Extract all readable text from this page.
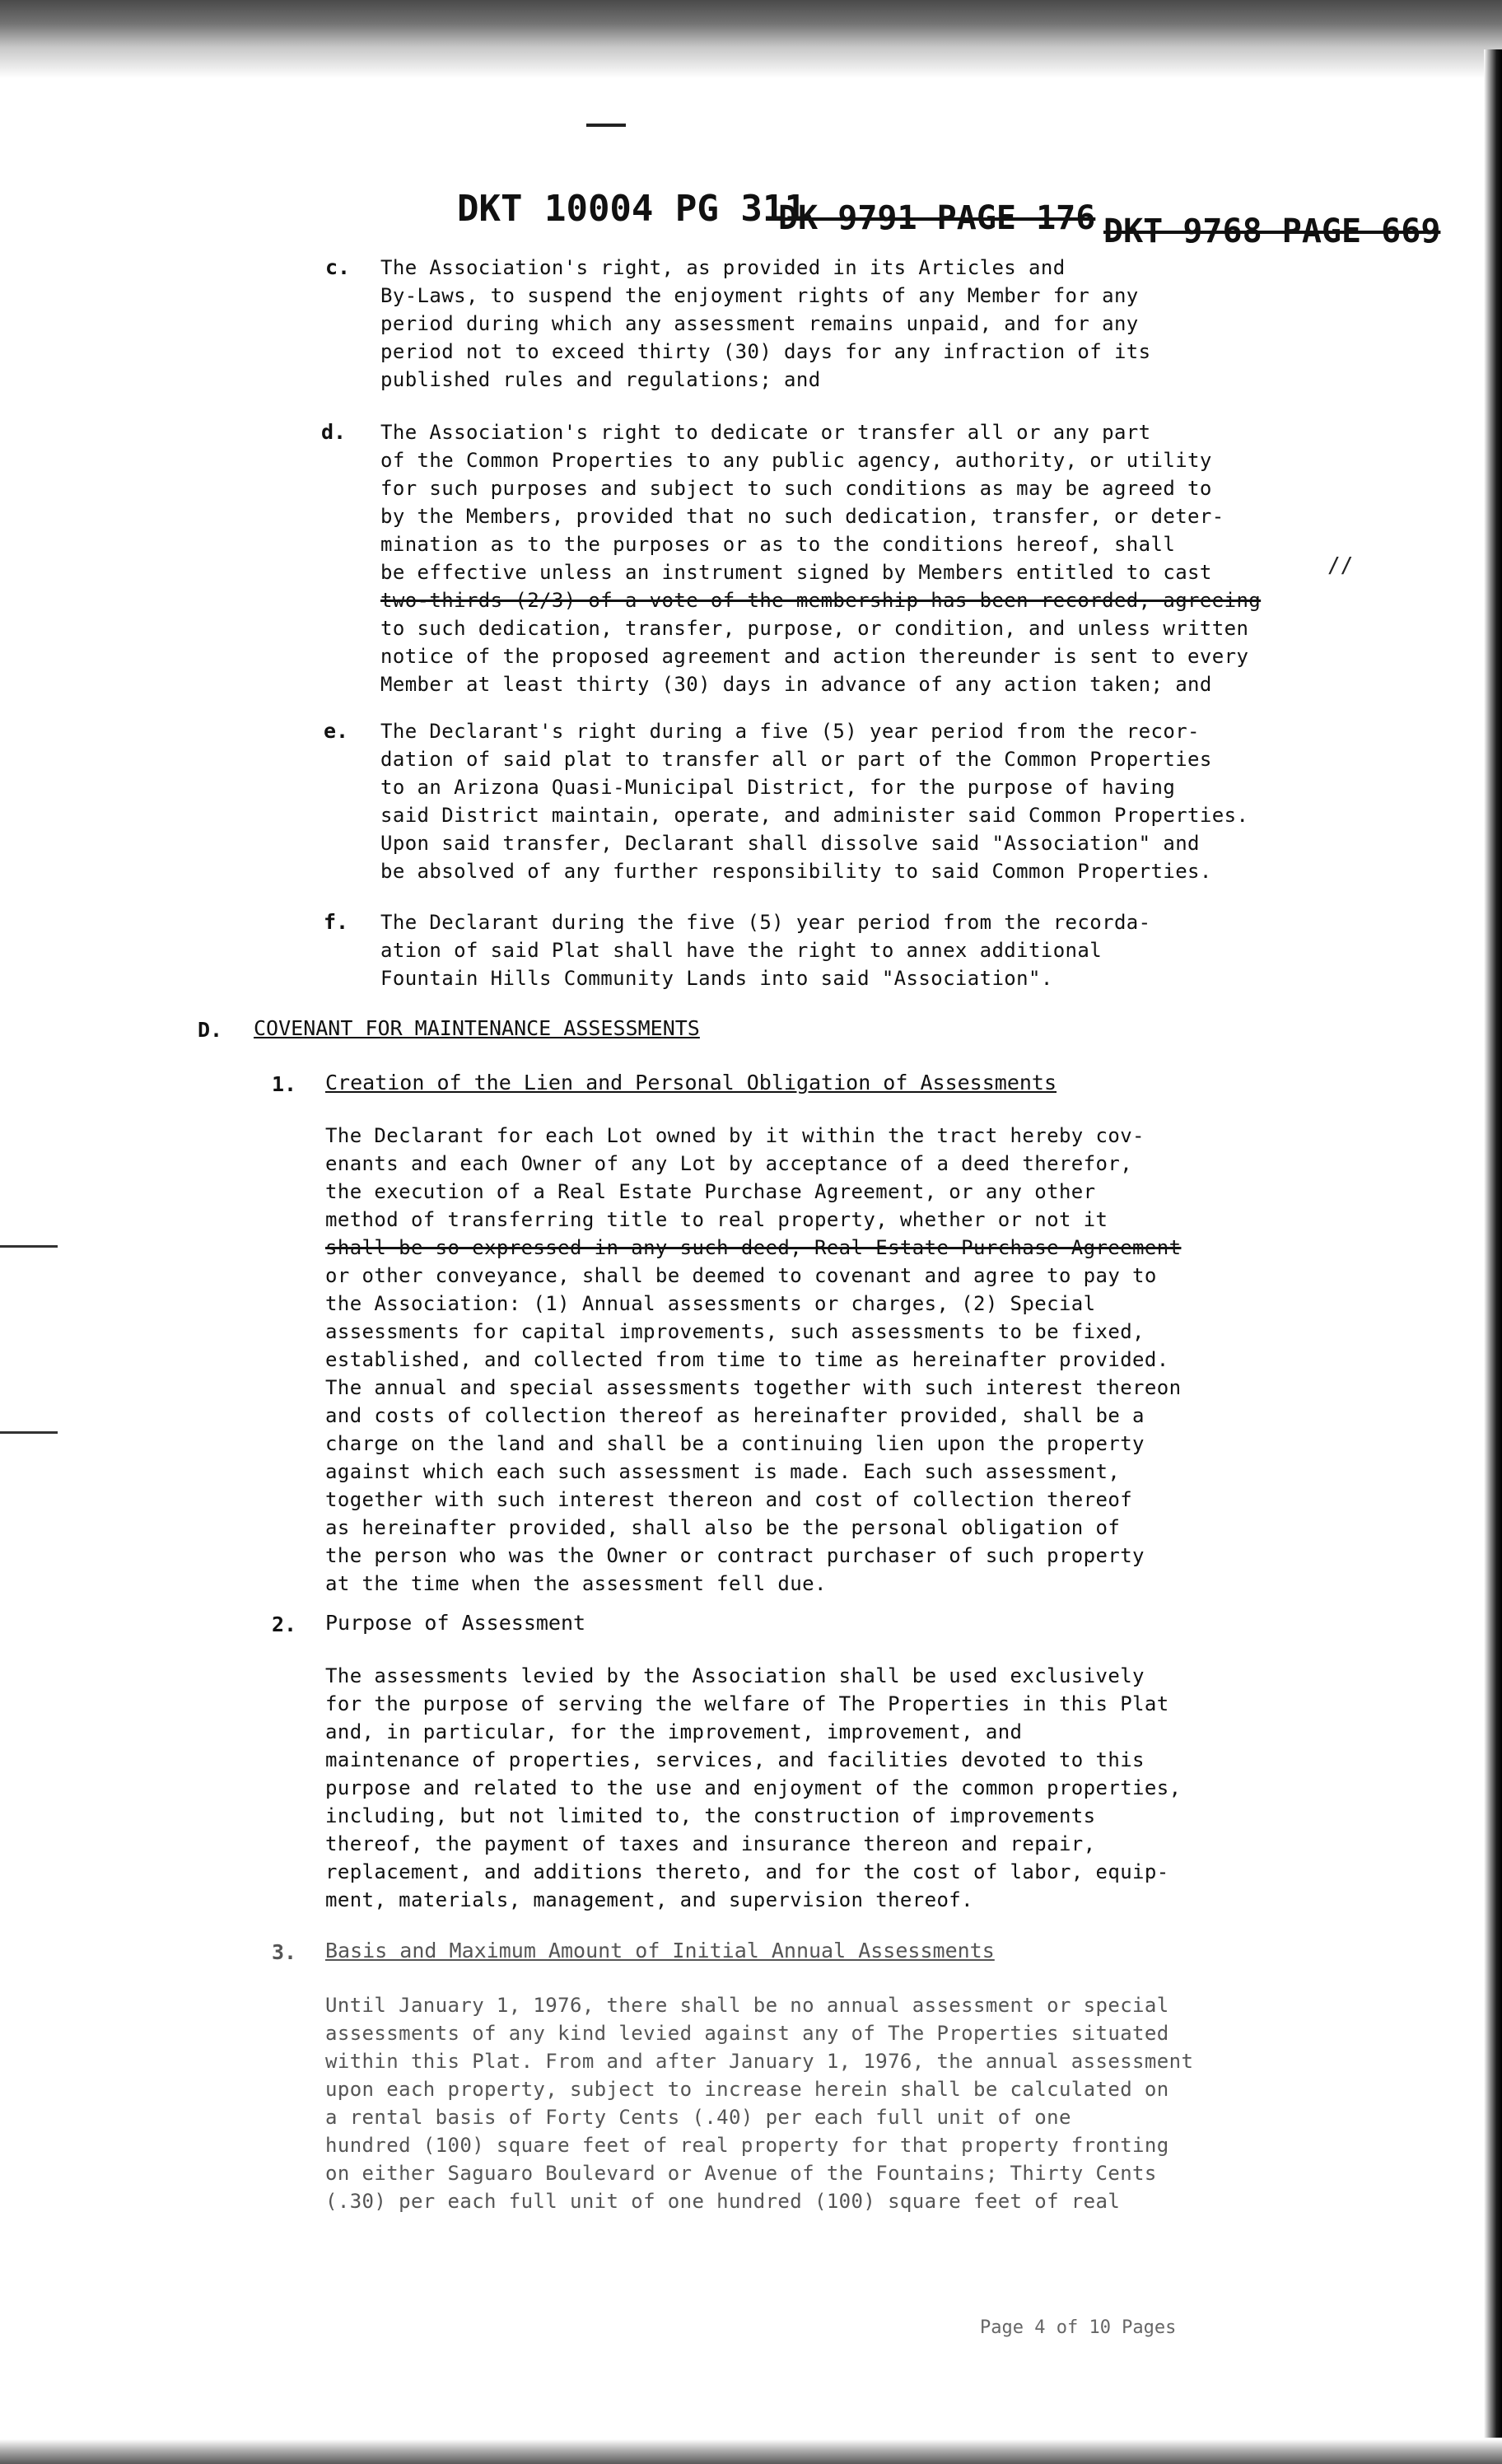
DKT 10004 PG 311
DK 9791 PAGE 176 DKT 9768 PAGE 669
c. The Association's right, as provided in its Articles and
By-Laws, to suspend the enjoyment rights of any Member for any
period during which any assessment remains unpaid, and for any
period not to exceed thirty (30) days for any infraction of its
published rules and regulations; and
d. The Association's right to dedicate or transfer all or any part
of the Common Properties to any public agency, authority, or utility
for such purposes and subject to such conditions as may be agreed to
by the Members, provided that no such dedication, transfer, or deter-
mination as to the purposes or as to the conditions hereof, shall
be effective unless an instrument signed by Members entitled to cast
two-thirds (2/3) of a vote of the membership has been recorded, agreeing
to such dedication, transfer, purpose, or condition, and unless written
notice of the proposed agreement and action thereunder is sent to every
Member at least thirty (30) days in advance of any action taken; and
//
e. The Declarant's right during a five (5) year period from the recor-
dation of said plat to transfer all or part of the Common Properties
to an Arizona Quasi-Municipal District, for the purpose of having
said District maintain, operate, and administer said Common Properties.
Upon said transfer, Declarant shall dissolve said "Association" and
be absolved of any further responsibility to said Common Properties.
f. The Declarant during the five (5) year period from the recorda-
ation of said Plat shall have the right to annex additional
Fountain Hills Community Lands into said "Association".
D. COVENANT FOR MAINTENANCE ASSESSMENTS
1. Creation of the Lien and Personal Obligation of Assessments
The Declarant for each Lot owned by it within the tract hereby cov-
enants and each Owner of any Lot by acceptance of a deed therefor,
the execution of a Real Estate Purchase Agreement, or any other
method of transferring title to real property, whether or not it
shall be so expressed in any such deed, Real Estate Purchase Agreement
or other conveyance, shall be deemed to covenant and agree to pay to
the Association: (1) Annual assessments or charges, (2) Special
assessments for capital improvements, such assessments to be fixed,
established, and collected from time to time as hereinafter provided.
The annual and special assessments together with such interest thereon
and costs of collection thereof as hereinafter provided, shall be a
charge on the land and shall be a continuing lien upon the property
against which each such assessment is made. Each such assessment,
together with such interest thereon and cost of collection thereof
as hereinafter provided, shall also be the personal obligation of
the person who was the Owner or contract purchaser of such property
at the time when the assessment fell due.
2. Purpose of Assessment
The assessments levied by the Association shall be used exclusively
for the purpose of serving the welfare of The Properties in this Plat
and, in particular, for the improvement, improvement, and
maintenance of properties, services, and facilities devoted to this
purpose and related to the use and enjoyment of the common properties,
including, but not limited to, the construction of improvements
thereof, the payment of taxes and insurance thereon and repair,
replacement, and additions thereto, and for the cost of labor, equip-
ment, materials, management, and supervision thereof.
3. Basis and Maximum Amount of Initial Annual Assessments
Until January 1, 1976, there shall be no annual assessment or special
assessments of any kind levied against any of The Properties situated
within this Plat. From and after January 1, 1976, the annual assessment
upon each property, subject to increase herein shall be calculated on
a rental basis of Forty Cents (.40) per each full unit of one
hundred (100) square feet of real property for that property fronting
on either Saguaro Boulevard or Avenue of the Fountains; Thirty Cents
(.30) per each full unit of one hundred (100) square feet of real
Page 4 of 10 Pages
